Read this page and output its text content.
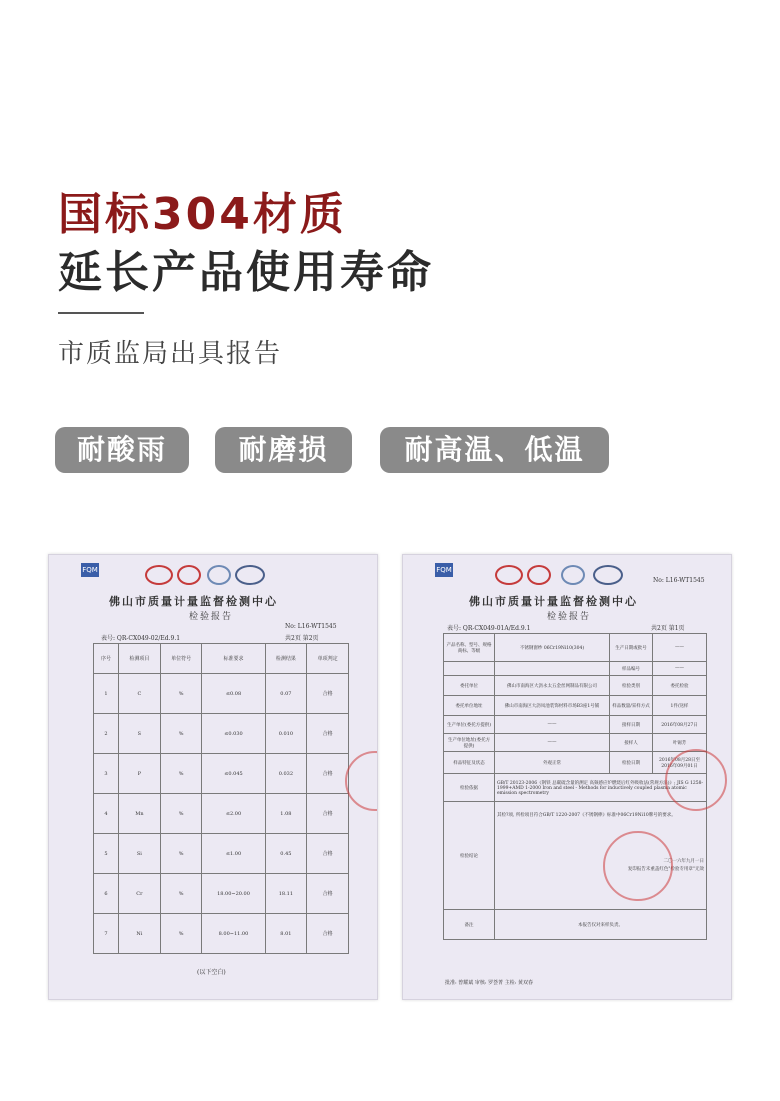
国标304材质
延长产品使用寿命
市质监局出具报告
耐酸雨	耐磨损	耐高温、低温
FQM
佛山市质量计量监督检测中心
检验报告
No: L16-WT1545
表号: QR-CX049-02/Ed.9.1	共2页 第2页
序号	检测项目	单位符号	标准要求	检测结果	单项判定
1	C	%	≤0.08	0.07	合格
2	S	%	≤0.030	0.010	合格
3	P	%	≤0.045	0.032	合格
4	Mn	%	≤2.00	1.08	合格
5	Si	%	≤1.00	0.45	合格
6	Cr	%	18.00~20.00	18.11	合格
7	Ni	%	8.00~11.00	8.01	合格
(以下空白)
FQM
No: L16-WT1545
佛山市质量计量监督检测中心
检验报告
表号: QR-CX049-01A/Ed.9.1	共2页 第1页
产品名称、型号、规格商标、等级	不锈钢窗纱 06Cr19Ni10(304)	生产日期或批号	——
		样品编号	——
委托单位	佛山市南海区大沥永太五金丝网制品有限公司	检验类别	委托检验
委托单位地址	佛山市南海区大沥凤池装饰材料市场B3座1号铺	样品数量/采样方式	1件/送样
生产单位(委托方提供)	——	接样日期	2016年08月27日
生产单位地址(委托方提供)	——	接样人	叶锡芳
样品特征及状态	外观正常	检验日期	2016年08月28日至 2016年09月01日
检验依据	GB/T 20123-2006《钢铁 总碳硫含量的测定 高频感应炉燃烧后红外吸收法(常规方法)》; JIS G 1258-1999+AMD 1-2000 Iron and steel - Methods for inductively coupled plasma atomic emission spectrometry		
检验结论	其检?项, 所检项目符合GB/T 1220-2007《不锈钢棒》标准中06Cr19Ni10牌号的要求。
二〇一六年九月一日
复印报告未重盖红色"检验专用章"无效		

备注	本报告仅对来样负责。		
批准: 曾耀斌 审核: 罗荟菁 主检: 黄双春
